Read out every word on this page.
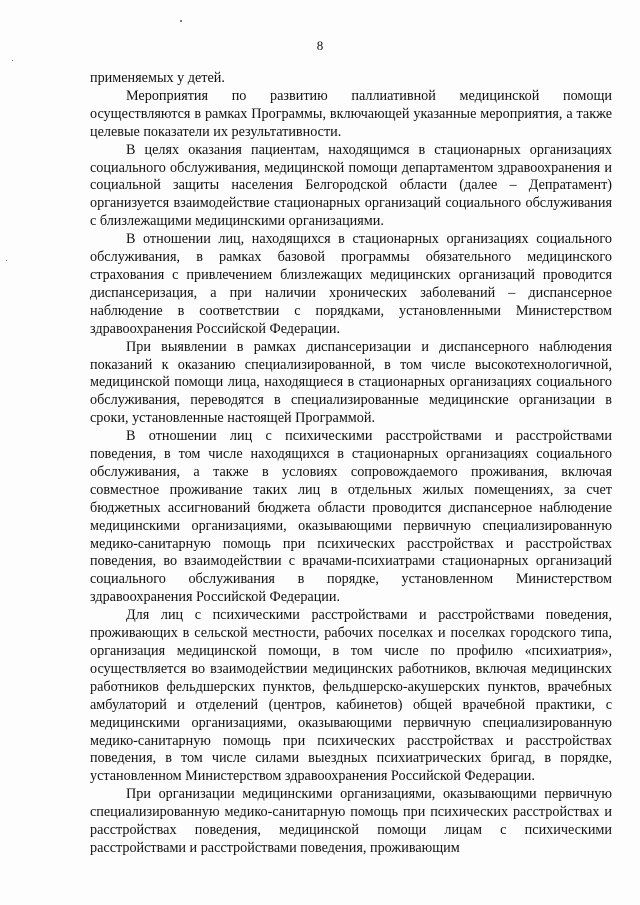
8

применяемых у детей.

Мероприятия по развитию паллиативной медицинской помощи осуществляются в рамках Программы, включающей указанные мероприятия, а также целевые показатели их результативности.

В целях оказания пациентам, находящимся в стационарных организациях социального обслуживания, медицинской помощи департаментом здравоохранения и социальной защиты населения Белгородской области (далее – Депратамент) организуется взаимодействие стационарных организаций социального обслуживания с близлежащими медицинскими организациями.

В отношении лиц, находящихся в стационарных организациях социального обслуживания, в рамках базовой программы обязательного медицинского страхования с привлечением близлежащих медицинских организаций проводится диспансеризация, а при наличии хронических заболеваний – диспансерное наблюдение в соответствии с порядками, установленными Министерством здравоохранения Российской Федерации.

При выявлении в рамках диспансеризации и диспансерного наблюдения показаний к оказанию специализированной, в том числе высокотехнологичной, медицинской помощи лица, находящиеся в стационарных организациях социального обслуживания, переводятся в специализированные медицинские организации в сроки, установленные настоящей Программой.

В отношении лиц с психическими расстройствами и расстройствами поведения, в том числе находящихся в стационарных организациях социального обслуживания, а также в условиях сопровождаемого проживания, включая совместное проживание таких лиц в отдельных жилых помещениях, за счет бюджетных ассигнований бюджета области проводится диспансерное наблюдение медицинскими организациями, оказывающими первичную специализированную медико-санитарную помощь при психических расстройствах и расстройствах поведения, во взаимодействии с врачами-психиатрами стационарных организаций социального обслуживания в порядке, установленном Министерством здравоохранения Российской Федерации.

Для лиц с психическими расстройствами и расстройствами поведения, проживающих в сельской местности, рабочих поселках и поселках городского типа, организация медицинской помощи, в том числе по профилю «психиатрия», осуществляется во взаимодействии медицинских работников, включая медицинских работников фельдшерских пунктов, фельдшерско-акушерских пунктов, врачебных амбулаторий и отделений (центров, кабинетов) общей врачебной практики, с медицинскими организациями, оказывающими первичную специализированную медико-санитарную помощь при психических расстройствах и расстройствах поведения, в том числе силами выездных психиатрических бригад, в порядке, установленном Министерством здравоохранения Российской Федерации.

При организации медицинскими организациями, оказывающими первичную специализированную медико-санитарную помощь при психических расстройствах и расстройствах поведения, медицинской помощи лицам с психическими расстройствами и расстройствами поведения, проживающим
